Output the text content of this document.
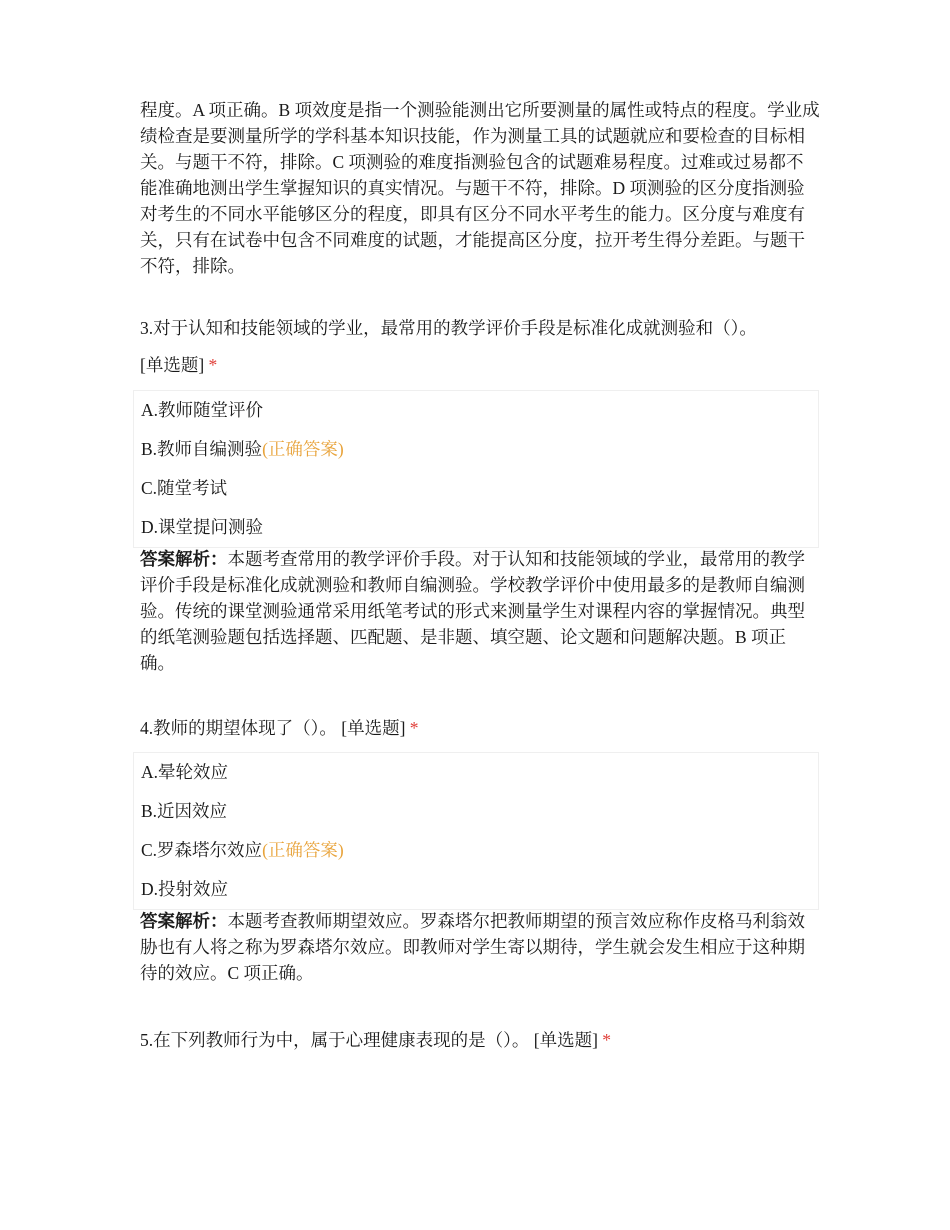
程度。A 项正确。B 项效度是指一个测验能测出它所要测量的属性或特点的程度。学业成绩检查是要测量所学的学科基本知识技能，作为测量工具的试题就应和要检查的目标相关。与题干不符，排除。C 项测验的难度指测验包含的试题难易程度。过难或过易都不能准确地测出学生掌握知识的真实情况。与题干不符，排除。D 项测验的区分度指测验对考生的不同水平能够区分的程度，即具有区分不同水平考生的能力。区分度与难度有关，只有在试卷中包含不同难度的试题，才能提高区分度，拉开考生得分差距。与题干不符，排除。

3.对于认知和技能领域的学业，最常用的教学评价手段是标准化成就测验和（）。

[单选题] *

A.教师随堂评价
B.教师自编测验(正确答案)
C.随堂考试
D.课堂提问测验

答案解析：本题考查常用的教学评价手段。对于认知和技能领域的学业，最常用的教学评价手段是标准化成就测验和教师自编测验。学校教学评价中使用最多的是教师自编测验。传统的课堂测验通常采用纸笔考试的形式来测量学生对课程内容的掌握情况。典型的纸笔测验题包括选择题、匹配题、是非题、填空题、论文题和问题解决题。B 项正确。

4.教师的期望体现了（）。 [单选题] *

A.晕轮效应
B.近因效应
C.罗森塔尔效应(正确答案)
D.投射效应

答案解析：本题考查教师期望效应。罗森塔尔把教师期望的预言效应称作皮格马利翁效胁也有人将之称为罗森塔尔效应。即教师对学生寄以期待，学生就会发生相应于这种期待的效应。C 项正确。

5.在下列教师行为中，属于心理健康表现的是（）。 [单选题] *
